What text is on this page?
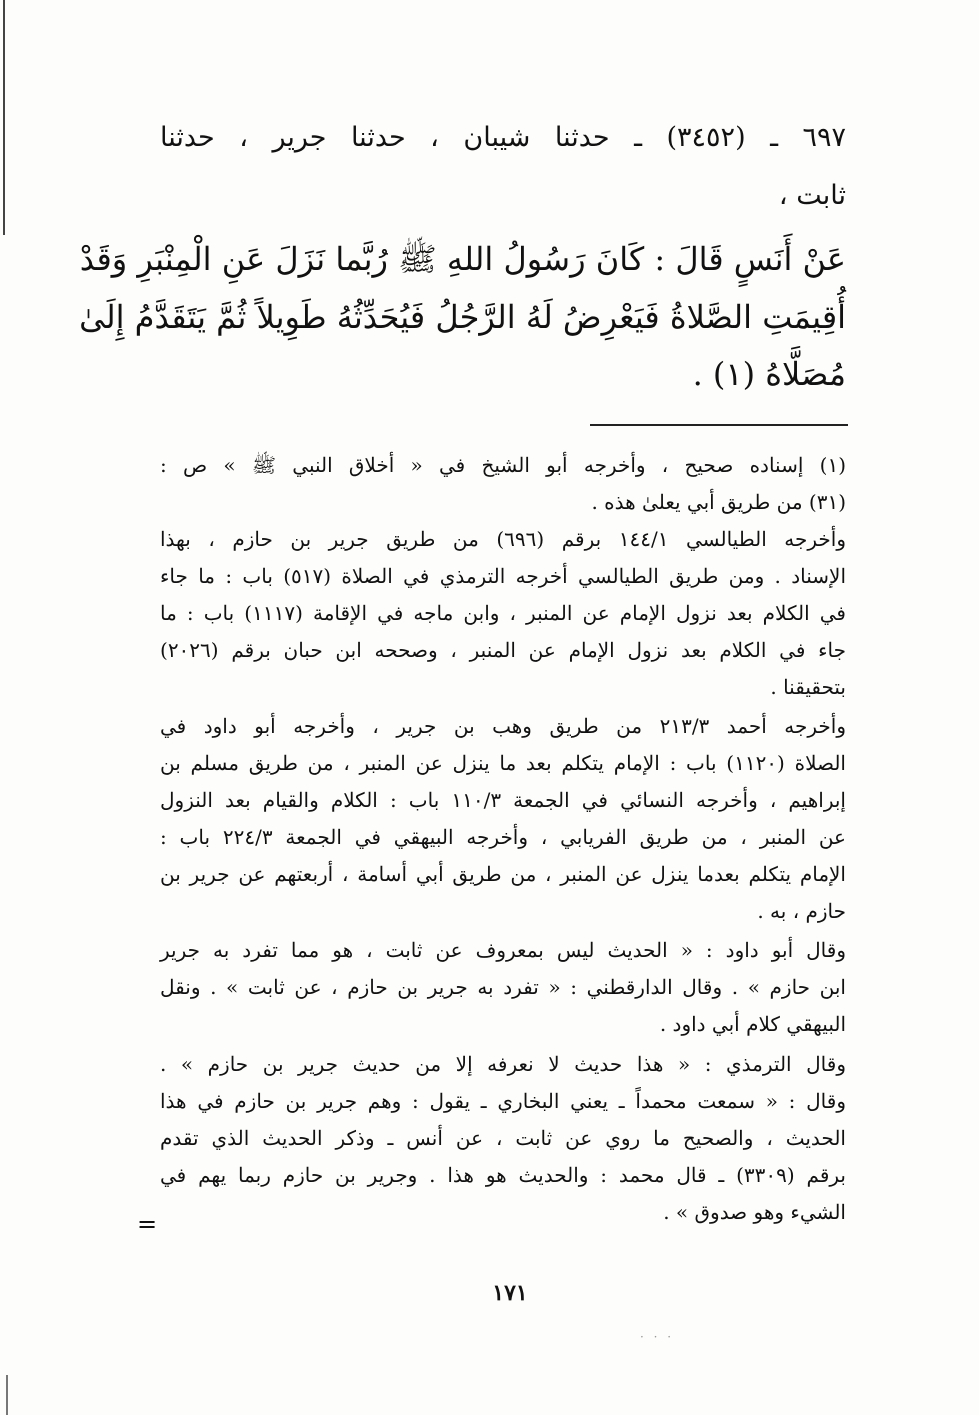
٦٩٧ ـ (٣٤٥٢) ـ حدثنا شيبان ، حدثنا جرير ، حدثنا
ثابت ،
عَنْ أَنَسٍ قَالَ : كَانَ رَسُولُ اللهِ ﷺ رُبَّما نَزَلَ عَنِ الْمِنْبَرِ وَقَدْ
أُقِيمَتِ الصَّلاةُ فَيَعْرِضُ لَهُ الرَّجُلُ فَيُحَدِّثُهُ طَوِيلاً ثُمَّ يَتَقَدَّمُ إِلَىٰ
مُصَلَّاهُ (١) .
(١) إسناده صحيح ، وأخرجه أبو الشيخ في « أخلاق النبي ﷺ » ص :
(٣١) من طريق أبي يعلىٰ هذه .
وأخرجه الطيالسي ١٤٤/١ برقم (٦٩٦) من طريق جرير بن حازم ، بهذا
الإسناد . ومن طريق الطيالسي أخرجه الترمذي في الصلاة (٥١٧) باب : ما جاء
في الكلام بعد نزول الإمام عن المنبر ، وابن ماجه في الإقامة (١١١٧) باب : ما
جاء في الكلام بعد نزول الإمام عن المنبر ، وصححه ابن حبان برقم (٢٠٢٦)
بتحقيقنا .
وأخرجه أحمد ٢١٣/٣ من طريق وهب بن جرير ، وأخرجه أبو داود في
الصلاة (١١٢٠) باب : الإمام يتكلم بعد ما ينزل عن المنبر ، من طريق مسلم بن
إبراهيم ، وأخرجه النسائي في الجمعة ١١٠/٣ باب : الكلام والقيام بعد النزول
عن المنبر ، من طريق الفريابي ، وأخرجه البيهقي في الجمعة ٢٢٤/٣ باب :
الإمام يتكلم بعدما ينزل عن المنبر ، من طريق أبي أسامة ، أربعتهم عن جرير بن
حازم ، به .
وقال أبو داود : « الحديث ليس بمعروف عن ثابت ، هو مما تفرد به جرير
ابن حازم » . وقال الدارقطني : « تفرد به جرير بن حازم ، عن ثابت » . ونقل
البيهقي كلام أبي داود .
وقال الترمذي : « هذا حديث لا نعرفه إلا من حديث جرير بن حازم » .
وقال : « سمعت محمداً ـ يعني البخاري ـ يقول : وهم جرير بن حازم في هذا
الحديث ، والصحيح ما روي عن ثابت ، عن أنس ـ وذكر الحديث الذي تقدم
برقم (٣٣٠٩) ـ قال محمد : والحديث هو هذا . وجرير بن حازم ربما يهم في
الشيء وهو صدوق » .
١٧١
=
· · ·
